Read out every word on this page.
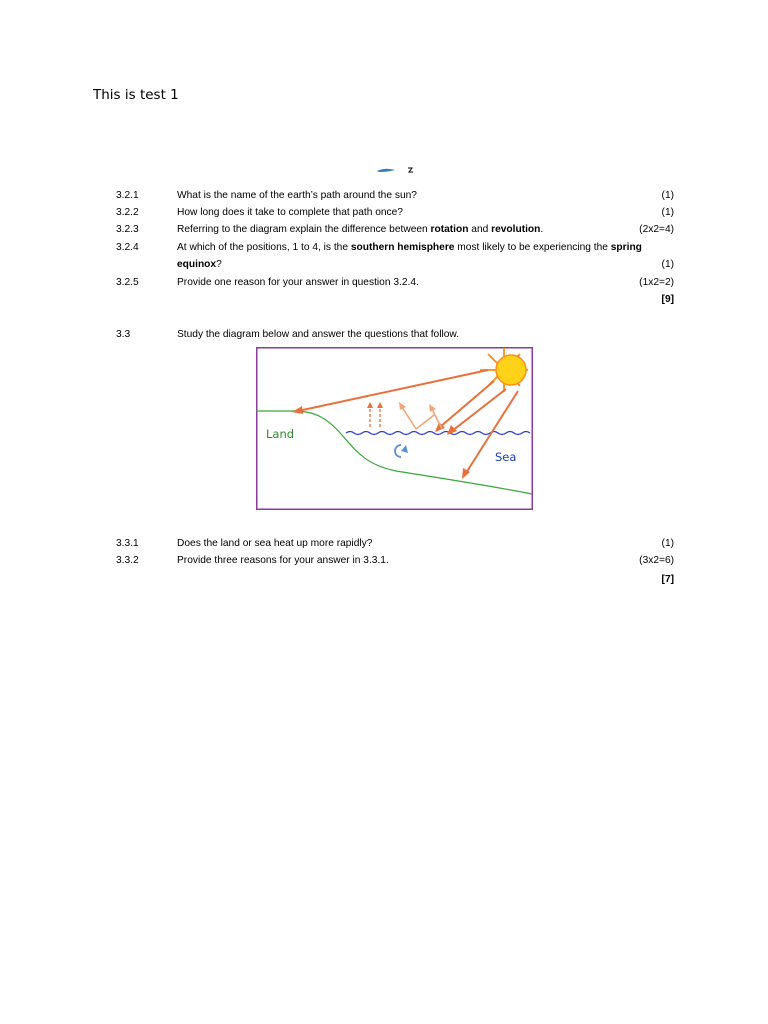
This is test 1
3.2.1	What is the name of the earth’s path around the sun?	(1)
3.2.2	How long does it take to complete that path once?	(1)
3.2.3	Referring to the diagram explain the difference between rotation and revolution.	(2x2=4)
3.2.4	At which of the positions, 1 to 4, is the southern hemisphere most likely to be experiencing the spring
equinox?	(1)
3.2.5	Provide one reason for your answer in question 3.2.4.	(1x2=2)
[9]
3.3	Study the diagram below and answer the questions that follow.
Land
Sea
3.3.1	Does the land or sea heat up more rapidly?	(1)
3.3.2	Provide three reasons for your answer in 3.3.1.	(3x2=6)
[7]
